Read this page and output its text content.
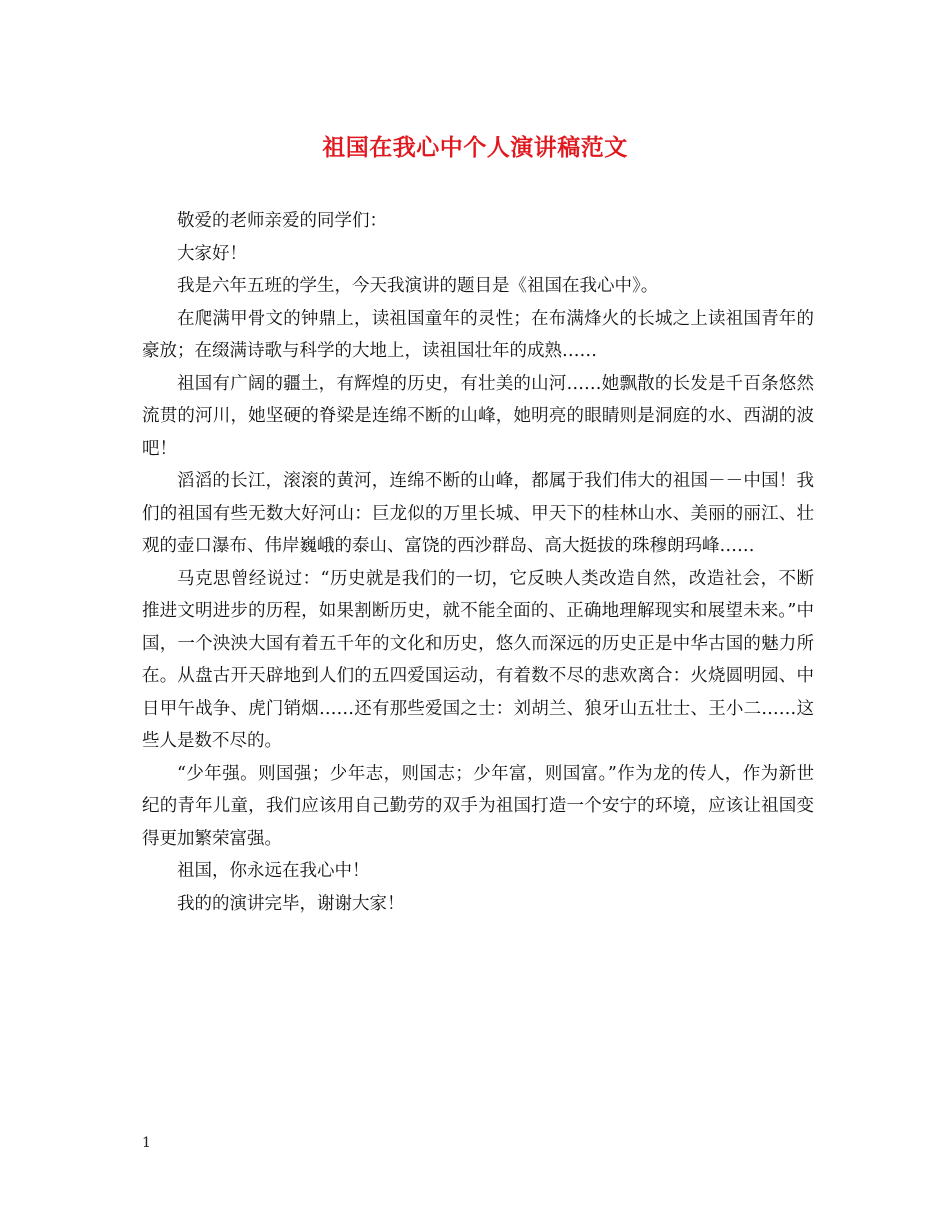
祖国在我心中个人演讲稿范文

敬爱的老师亲爱的同学们：

大家好！

我是六年五班的学生，今天我演讲的题目是《祖国在我心中》。

在爬满甲骨文的钟鼎上，读祖国童年的灵性；在布满烽火的长城之上读祖国青年的豪放；在缀满诗歌与科学的大地上，读祖国壮年的成熟……

祖国有广阔的疆土，有辉煌的历史，有壮美的山河……她飘散的长发是千百条悠然流贯的河川，她坚硬的脊梁是连绵不断的山峰，她明亮的眼睛则是洞庭的水、西湖的波吧！

滔滔的长江，滚滚的黄河，连绵不断的山峰，都属于我们伟大的祖国－－中国！我们的祖国有些无数大好河山：巨龙似的万里长城、甲天下的桂林山水、美丽的丽江、壮观的壶口瀑布、伟岸巍峨的泰山、富饶的西沙群岛、高大挺拔的珠穆朗玛峰……

马克思曾经说过：“历史就是我们的一切，它反映人类改造自然，改造社会，不断推进文明进步的历程，如果割断历史，就不能全面的、正确地理解现实和展望未来。”中国，一个泱泱大国有着五千年的文化和历史，悠久而深远的历史正是中华古国的魅力所在。从盘古开天辟地到人们的五四爱国运动，有着数不尽的悲欢离合：火烧圆明园、中日甲午战争、虎门销烟……还有那些爱国之士：刘胡兰、狼牙山五壮士、王小二……这些人是数不尽的。

“少年强。则国强；少年志，则国志；少年富，则国富。”作为龙的传人，作为新世纪的青年儿童，我们应该用自己勤劳的双手为祖国打造一个安宁的环境，应该让祖国变得更加繁荣富强。

祖国，你永远在我心中！

我的的演讲完毕，谢谢大家！

1
